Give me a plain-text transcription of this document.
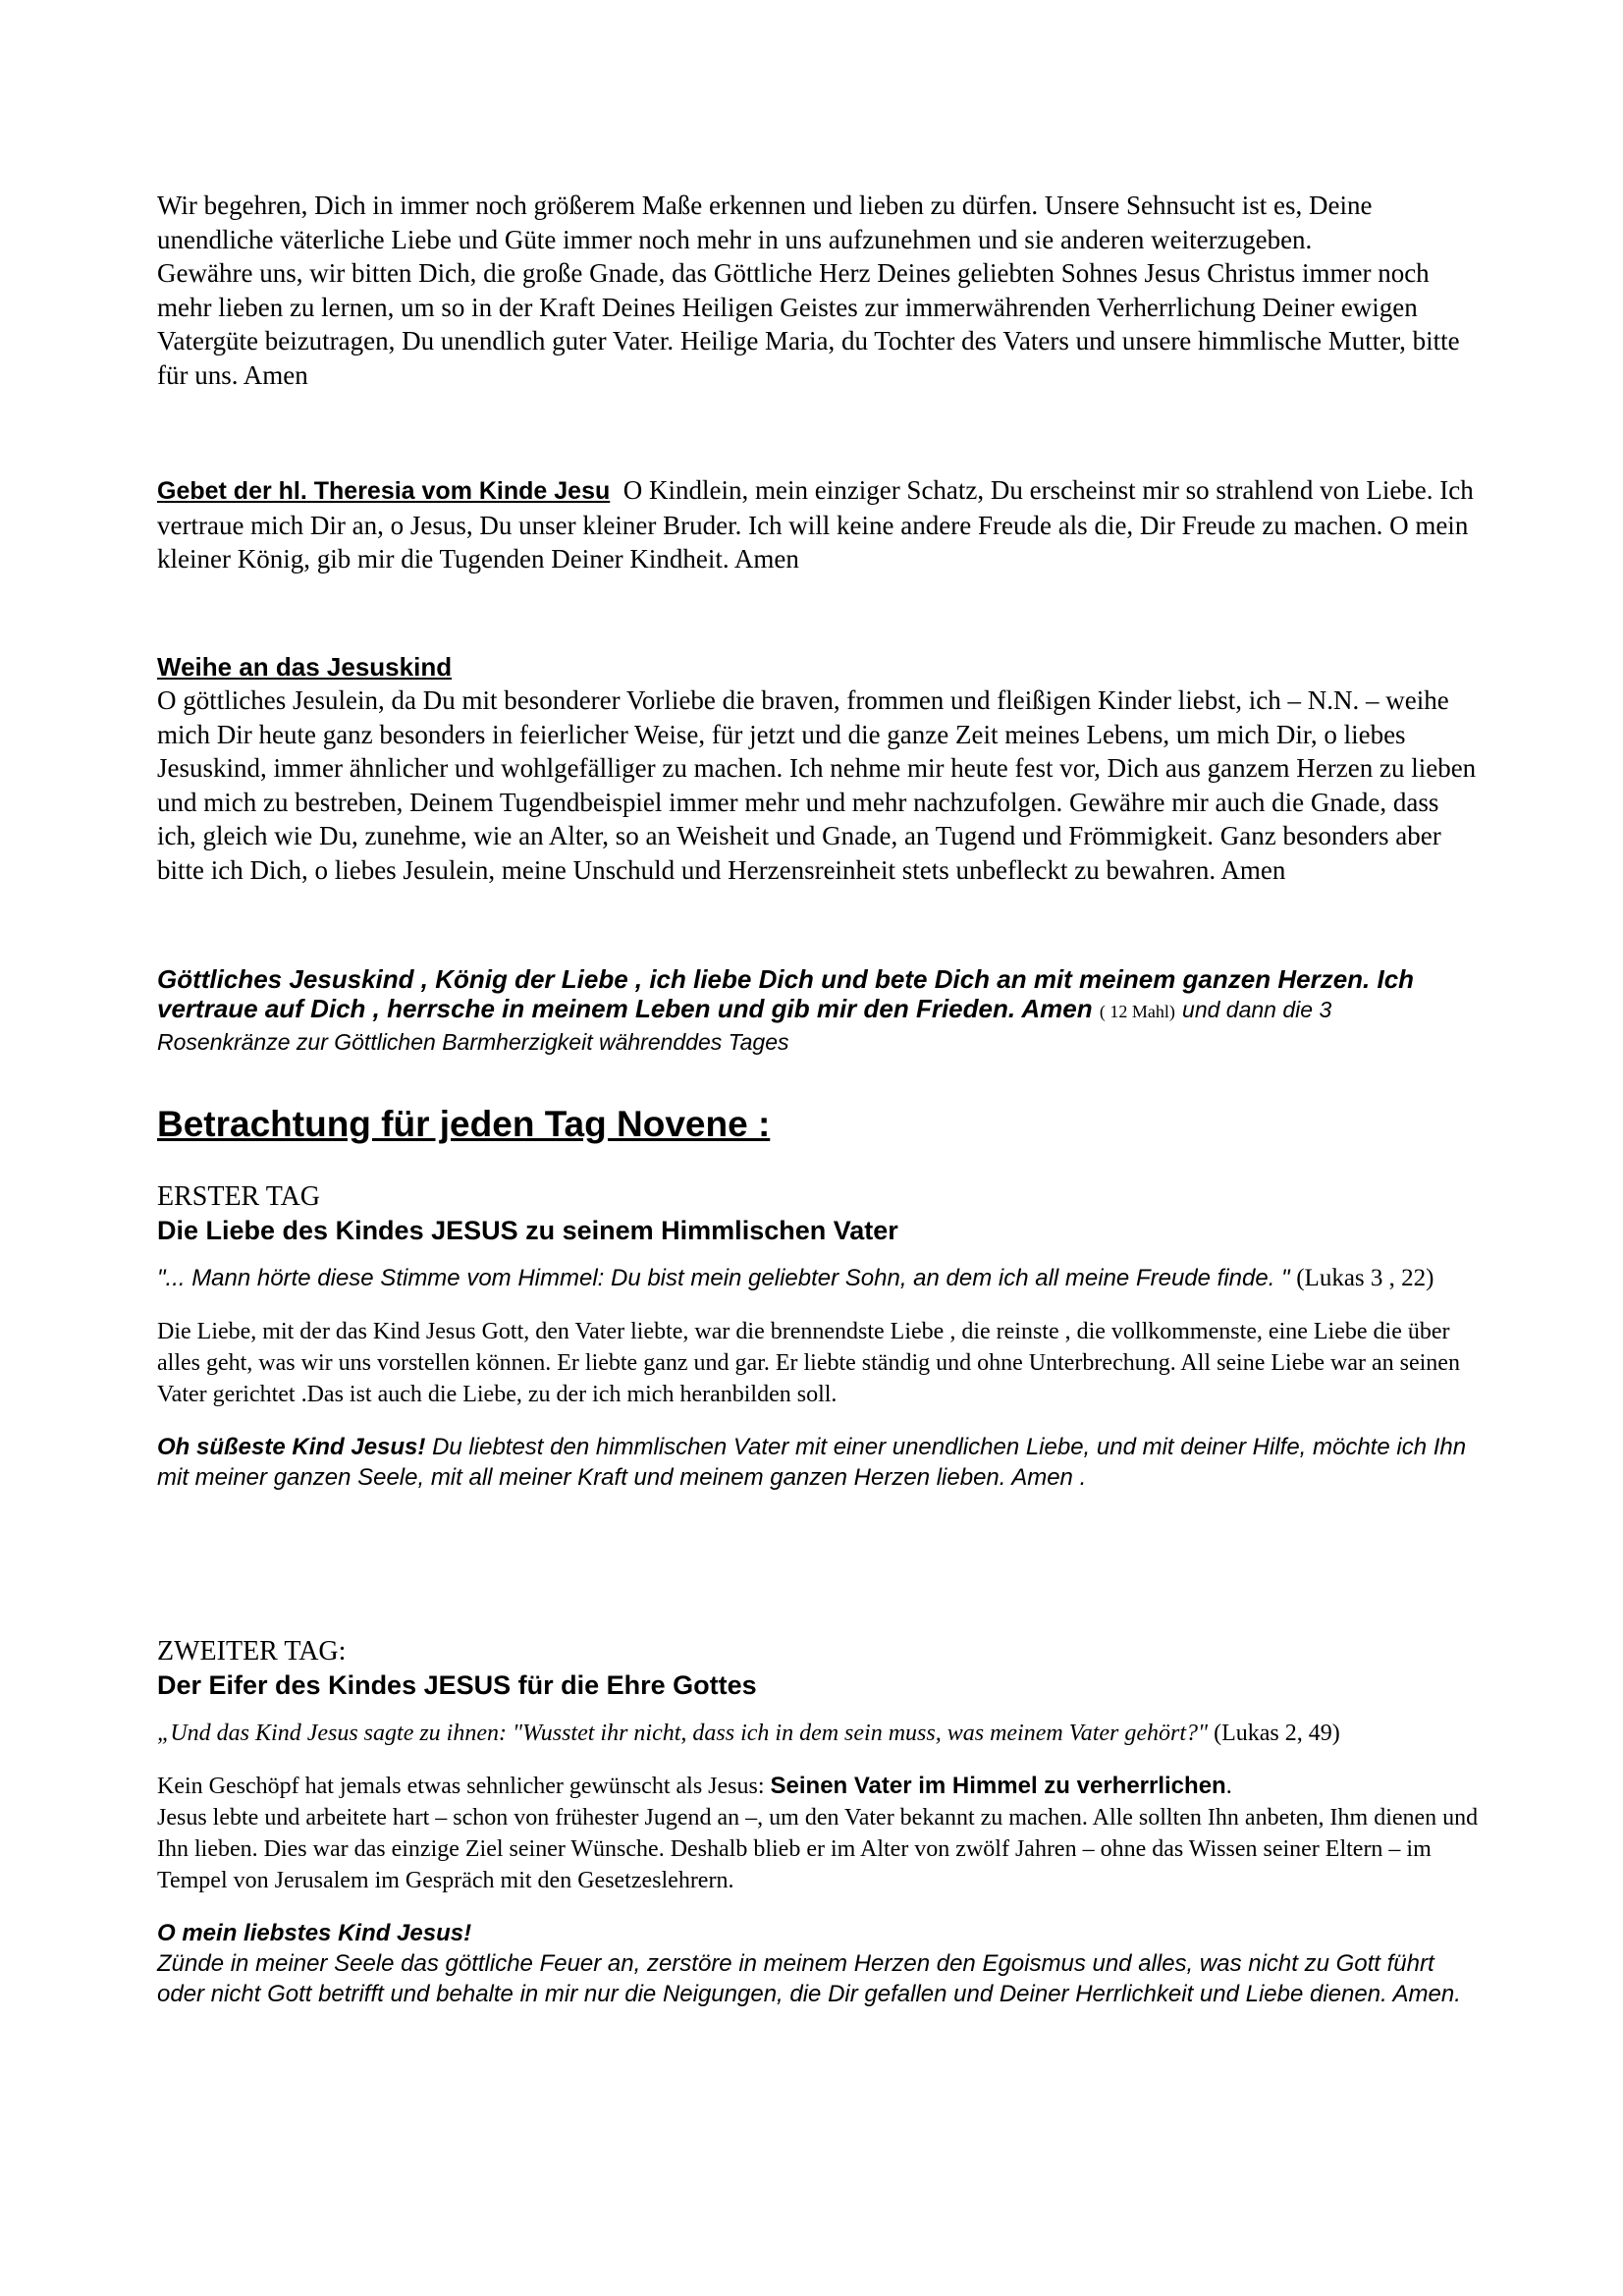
Wir begehren, Dich in immer noch größerem Maße erkennen und lieben zu dürfen. Unsere Sehnsucht ist es, Deine unendliche väterliche Liebe und Güte immer noch mehr in uns aufzunehmen und sie anderen weiterzugeben.

Gewähre uns, wir bitten Dich, die große Gnade, das Göttliche Herz Deines geliebten Sohnes Jesus Christus immer noch mehr lieben zu lernen, um so in der Kraft Deines Heiligen Geistes zur immerwährenden Verherrlichung Deiner ewigen Vatergüte beizutragen, Du unendlich guter Vater. Heilige Maria, du Tochter des Vaters und unsere himmlische Mutter, bitte für uns. Amen

Gebet der hl. Theresia vom Kinde Jesu O Kindlein, mein einziger Schatz, Du erscheinst mir so strahlend von Liebe. Ich vertraue mich Dir an, o Jesus, Du unser kleiner Bruder. Ich will keine andere Freude als die, Dir Freude zu machen. O mein kleiner König, gib mir die Tugenden Deiner Kindheit. Amen

Weihe an das Jesuskind

O göttliches Jesulein, da Du mit besonderer Vorliebe die braven, frommen und fleißigen Kinder liebst, ich – N.N. – weihe mich Dir heute ganz besonders in feierlicher Weise, für jetzt und die ganze Zeit meines Lebens, um mich Dir, o liebes Jesuskind, immer ähnlicher und wohlgefälliger zu machen. Ich nehme mir heute fest vor, Dich aus ganzem Herzen zu lieben und mich zu bestreben, Deinem Tugendbeispiel immer mehr und mehr nachzufolgen. Gewähre mir auch die Gnade, dass ich, gleich wie Du, zunehme, wie an Alter, so an Weisheit und Gnade, an Tugend und Frömmigkeit. Ganz besonders aber bitte ich Dich, o liebes Jesulein, meine Unschuld und Herzensreinheit stets unbefleckt zu bewahren. Amen

Göttliches Jesuskind , König der Liebe , ich liebe Dich und bete Dich an mit meinem ganzen Herzen. Ich vertraue auf Dich , herrsche in meinem Leben und gib mir den Frieden. Amen ( 12 Mahl) und dann die 3
Rosenkränze zur Göttlichen Barmherzigkeit währenddes Tages

Betrachtung für jeden Tag Novene :

ERSTER TAG

Die Liebe des Kindes JESUS zu seinem Himmlischen Vater

"... Mann hörte diese Stimme vom Himmel: Du bist mein geliebter Sohn, an dem ich all meine Freude finde. " (Lukas 3 , 22)

Die Liebe, mit der das Kind Jesus Gott, den Vater liebte, war die brennendste Liebe , die reinste , die vollkommenste, eine Liebe die über alles geht, was wir uns vorstellen können. Er liebte ganz und gar. Er liebte ständig und ohne Unterbrechung. All seine Liebe war an seinen Vater gerichtet .Das ist auch die Liebe, zu der ich mich heranbilden soll.

Oh süßeste Kind Jesus! Du liebtest den himmlischen Vater mit einer unendlichen Liebe, und mit deiner Hilfe, möchte ich Ihn mit meiner ganzen Seele, mit all meiner Kraft und meinem ganzen Herzen lieben. Amen .

ZWEITER TAG:

Der Eifer des Kindes JESUS für die Ehre Gottes

„Und das Kind Jesus sagte zu ihnen: "Wusstet ihr nicht, dass ich in dem sein muss, was meinem Vater gehört?" (Lukas 2, 49)

Kein Geschöpf hat jemals etwas sehnlicher gewünscht als Jesus: Seinen Vater im Himmel zu verherrlichen.
Jesus lebte und arbeitete hart – schon von frühester Jugend an –, um den Vater bekannt zu machen. Alle sollten Ihn anbeten, Ihm dienen und Ihn lieben. Dies war das einzige Ziel seiner Wünsche. Deshalb blieb er im Alter von zwölf Jahren – ohne das Wissen seiner Eltern – im Tempel von Jerusalem im Gespräch mit den Gesetzeslehrern.

O mein liebstes Kind Jesus!

Zünde in meiner Seele das göttliche Feuer an, zerstöre in meinem Herzen den Egoismus und alles, was nicht zu Gott führt oder nicht Gott betrifft und behalte in mir nur die Neigungen, die Dir gefallen und Deiner Herrlichkeit und Liebe dienen. Amen.
